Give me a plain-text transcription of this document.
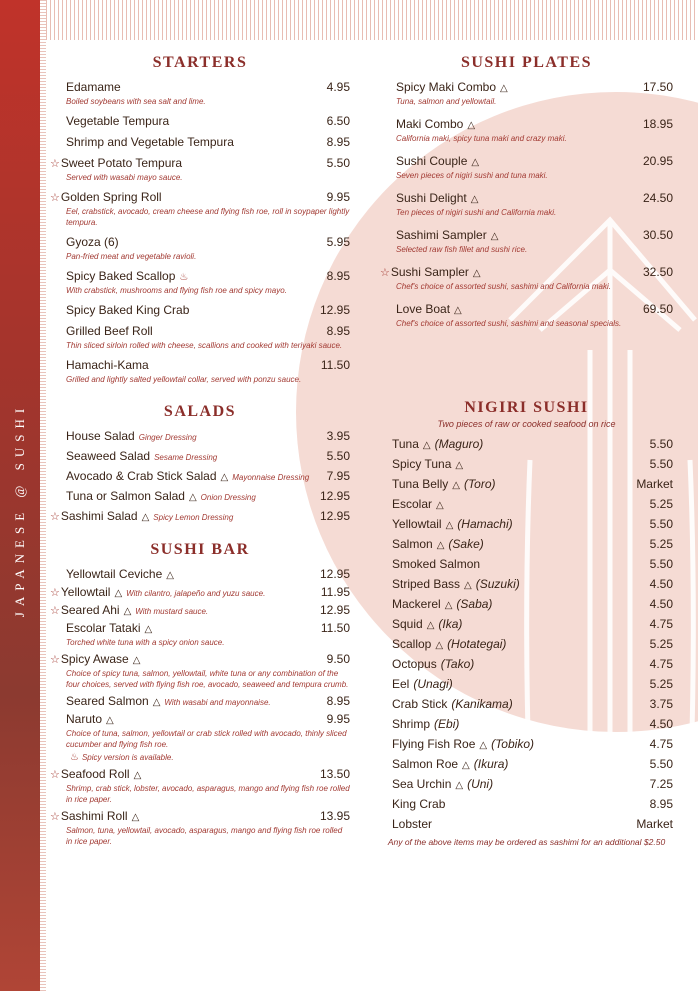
JAPANESE @ SUSHI
STARTERS
Edamame	4.95
Boiled soybeans with sea salt and lime.
Vegetable Tempura	6.50
Shrimp and Vegetable Tempura	8.95
☆ Sweet Potato Tempura	5.50
Served with wasabi mayo sauce.
☆ Golden Spring Roll	9.95
Eel, crabstick, avocado, cream cheese and flying fish roe, roll in soypaper lightly tempura.
Gyoza (6)	5.95
Pan-fried meat and vegetable ravioli.
Spicy Baked Scallop ♨	8.95
With crabstick, mushrooms and flying fish roe and spicy mayo.
Spicy Baked King Crab	12.95
Grilled Beef Roll	8.95
Thin sliced sirloin rolled with cheese, scallions and cooked with teriyaki sauce.
Hamachi-Kama	11.50
Grilled and lightly salted yellowtail collar, served with ponzu sauce.
SALADS
House Salad Ginger Dressing	3.95
Seaweed Salad Sesame Dressing	5.50
Avocado & Crab Stick Salad △ Mayonnaise Dressing 7.95
Tuna or Salmon Salad △ Onion Dressing	12.95
☆ Sashimi Salad △ Spicy Lemon Dressing	12.95
SUSHI BAR
Yellowtail Ceviche △	12.95
☆ Yellowtail △ With cilantro, jalapeño and yuzu sauce.	11.95
☆ Seared Ahi △ With mustard sauce.	12.95
Escolar Tataki △	11.50
Torched white tuna with a spicy onion sauce.
☆ Spicy Awase △	9.50
Choice of spicy tuna, salmon, yellowtail, white tuna or any combination of the four choices, served with flying fish roe, avocado, seaweed and tempura crumb.
Seared Salmon △ With wasabi and mayonnaise.	8.95
Naruto △	9.95
Choice of tuna, salmon, yellowtail or crab stick rolled with avocado, thinly sliced cucumber and flying fish roe.
♨ Spicy version is available.
☆ Seafood Roll △	13.50
Shrimp, crab stick, lobster, avocado, asparagus, mango and flying fish roe rolled in rice paper.
☆ Sashimi Roll △	13.95
Salmon, tuna, yellowtail, avocado, asparagus, mango and flying fish roe rolled in rice paper.
SUSHI PLATES
Spicy Maki Combo △	17.50
Tuna, salmon and yellowtail.
Maki Combo △	18.95
California maki, spicy tuna maki and crazy maki.
Sushi Couple △	20.95
Seven pieces of nigiri sushi and tuna maki.
Sushi Delight △	24.50
Ten pieces of nigiri sushi and California maki.
Sashimi Sampler △	30.50
Selected raw fish fillet and sushi rice.
☆ Sushi Sampler △	32.50
Chef's choice of assorted sushi, sashimi and California maki.
Love Boat △	69.50
Chef's choice of assorted sushi, sashimi and seasonal specials.
NIGIRI SUSHI
Two pieces of raw or cooked seafood on rice
Tuna △ (Maguro)	5.50
Spicy Tuna △	5.50
Tuna Belly △ (Toro)	Market
Escolar △	5.25
Yellowtail △ (Hamachi)	5.50
Salmon △ (Sake)	5.25
Smoked Salmon	5.50
Striped Bass △ (Suzuki)	4.50
Mackerel △ (Saba)	4.50
Squid △ (Ika)	4.75
Scallop △ (Hotategai)	5.25
Octopus (Tako)	4.75
Eel (Unagi)	5.25
Crab Stick (Kanikama)	3.75
Shrimp (Ebi)	4.50
Flying Fish Roe △ (Tobiko)	4.75
Salmon Roe △ (Ikura)	5.50
Sea Urchin △ (Uni)	7.25
King Crab	8.95
Lobster	Market
Any of the above items may be ordered as sashimi for an additional $2.50
